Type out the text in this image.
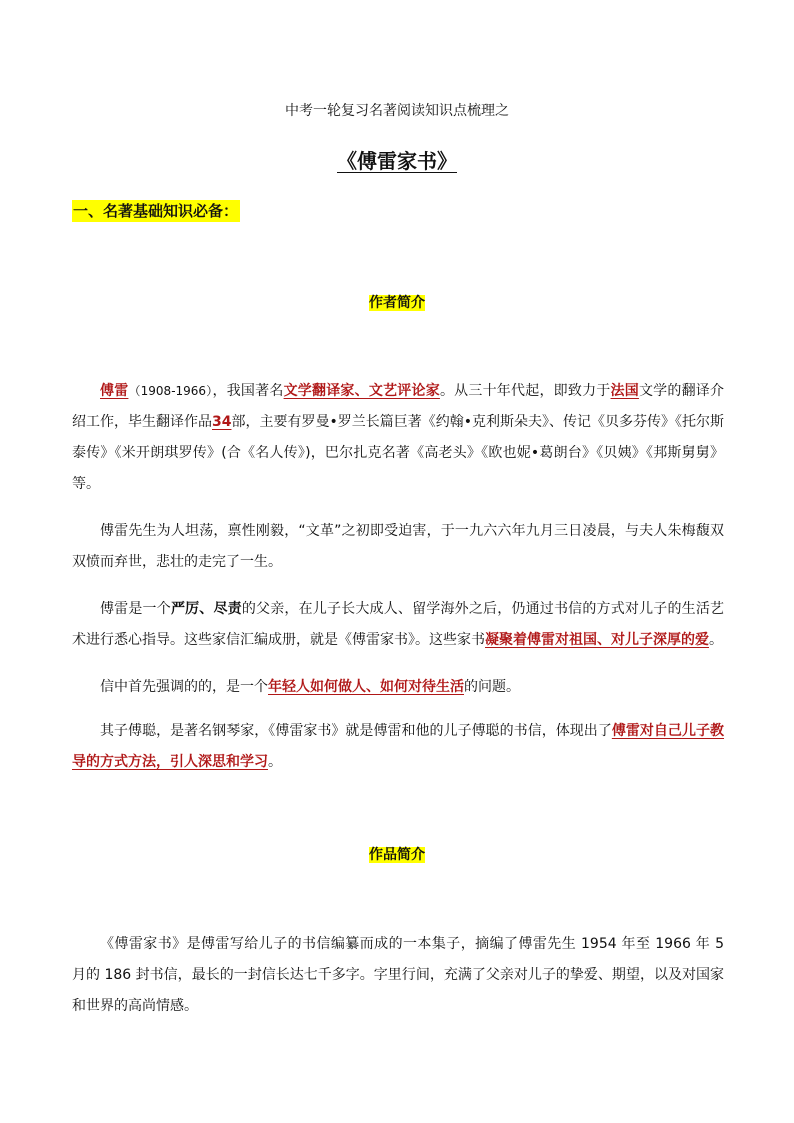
中考一轮复习名著阅读知识点梳理之
《傅雷家书》
一、名著基础知识必备：
作者简介

傅雷（1908-1966），我国著名文学翻译家、文艺评论家。从三十年代起，即致力于法国文学的翻译介绍工作，毕生翻译作品34部，主要有罗曼•罗兰长篇巨著《约翰•克利斯朵夫》、传记《贝多芬传》《托尔斯泰传》《米开朗琪罗传》(合《名人传》)，巴尔扎克名著《高老头》《欧也妮•葛朗台》《贝姨》《邦斯舅舅》等。

傅雷先生为人坦荡，禀性刚毅，“文革”之初即受迫害，于一九六六年九月三日凌晨，与夫人朱梅馥双双愤而弃世，悲壮的走完了一生。

傅雷是一个严厉、尽责的父亲，在儿子长大成人、留学海外之后，仍通过书信的方式对儿子的生活艺术进行悉心指导。这些家信汇编成册，就是《傅雷家书》。这些家书凝聚着傅雷对祖国、对儿子深厚的爱。

信中首先强调的的，是一个年轻人如何做人、如何对待生活的问题。

其子傅聪，是著名钢琴家，《傅雷家书》就是傅雷和他的儿子傅聪的书信，体现出了傅雷对自己儿子教导的方式方法，引人深思和学习。

作品简介

《傅雷家书》是傅雷写给儿子的书信编纂而成的一本集子，摘编了傅雷先生 1954 年至 1966 年 5 月的 186 封书信，最长的一封信长达七千多字。字里行间，充满了父亲对儿子的挚爱、期望，以及对国家和世界的高尚情感。
